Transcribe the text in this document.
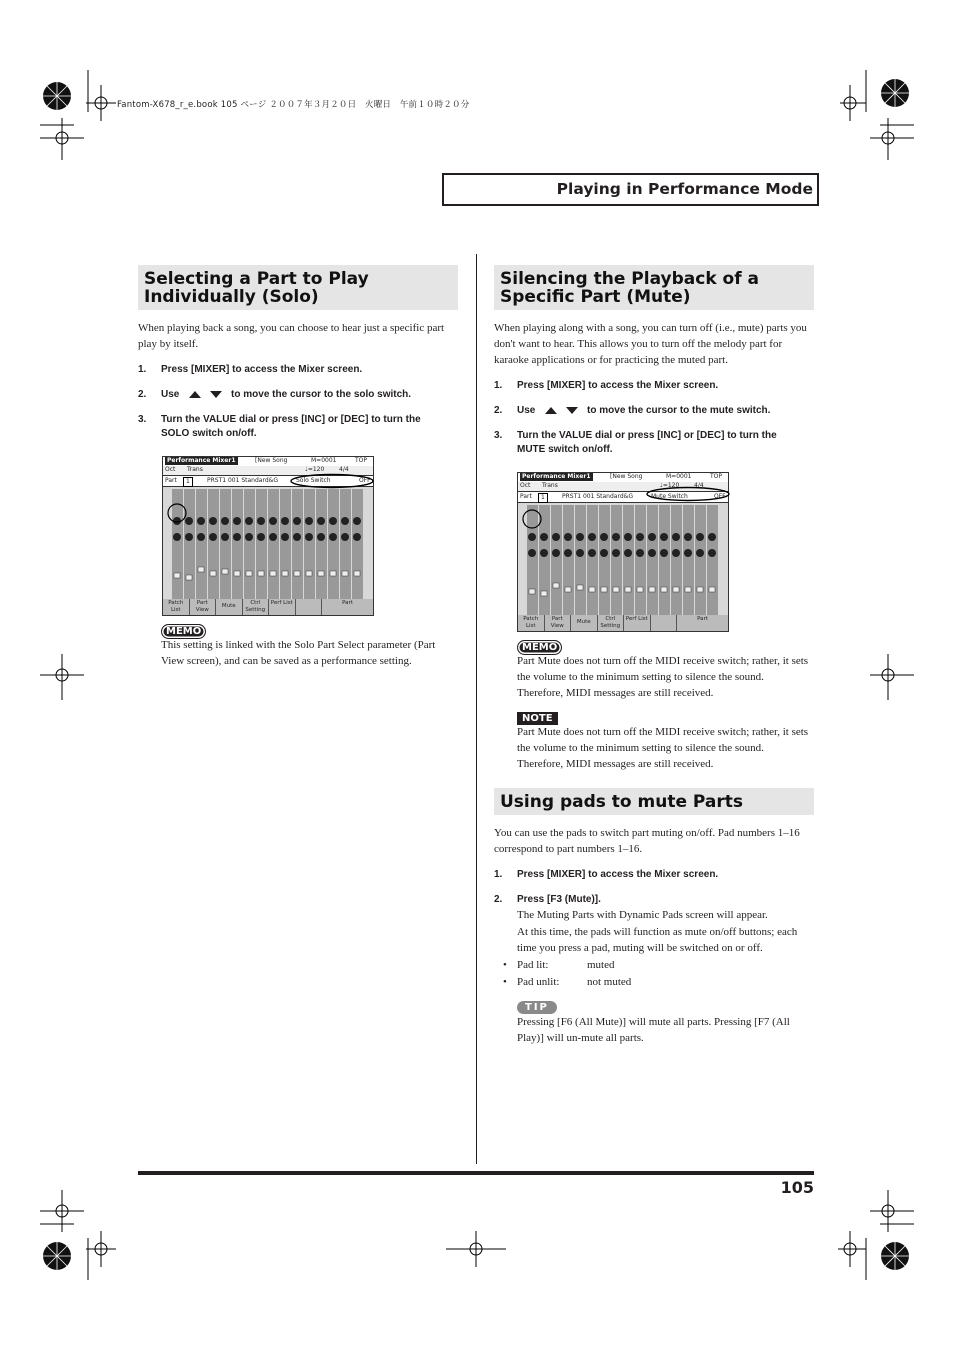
Fantom-X678_r_e.book 105 ページ ２００７年３月２０日　火曜日　午前１０時２０分
Playing in Performance Mode
Selecting a Part to Play Individually (Solo)
When playing back a song, you can choose to hear just a specific part play by itself.
1. Press [MIXER] to access the Mixer screen.
2. Use	to move the cursor to the solo switch.
3. Turn the VALUE dial or press [INC] or [DEC] to turn the SOLO switch on/off.
Performance Mixer1	[New Song	M=0001	TOP
Oct Trans	♩=120 4/4
Part	1	PRST1 001 Standard&G	Solo Switch	OFF
Patch List
Part View
Mute	Ctrl Setting
Perf List	Part
MEMO
This setting is linked with the Solo Part Select parameter (Part View screen), and can be saved as a performance setting.
Silencing the Playback of a Specific Part (Mute)
When playing along with a song, you can turn off (i.e., mute) parts you don't want to hear. This allows you to turn off the melody part for karaoke applications or for practicing the muted part.
1. Press [MIXER] to access the Mixer screen.
2. Use	to move the cursor to the mute switch.
3. Turn the VALUE dial or press [INC] or [DEC] to turn the MUTE switch on/off.
Performance Mixer1	[New Song	M=0001	TOP
Oct Trans	♩=120 4/4
Part	1	PRST1 001 Standard&G	Mute Switch	OFF
Patch List
Part View
Mute	Ctrl Setting
Perf List	Part
MEMO
Part Mute does not turn off the MIDI receive switch; rather, it sets the volume to the minimum setting to silence the sound. Therefore, MIDI messages are still received.
NOTE
Part Mute does not turn off the MIDI receive switch; rather, it sets the volume to the minimum setting to silence the sound. Therefore, MIDI messages are still received.
Using pads to mute Parts
You can use the pads to switch part muting on/off. Pad numbers 1–16 correspond to part numbers 1–16.
1. Press [MIXER] to access the Mixer screen.
2. Press [F3 (Mute)].
The Muting Parts with Dynamic Pads screen will appear.
At this time, the pads will function as mute on/off buttons; each time you press a pad, muting will be switched on or off.
• Pad lit:	muted
• Pad unlit:	not muted
TIP
Pressing [F6 (All Mute)] will mute all parts. Pressing [F7 (All Play)] will un-mute all parts.
105
